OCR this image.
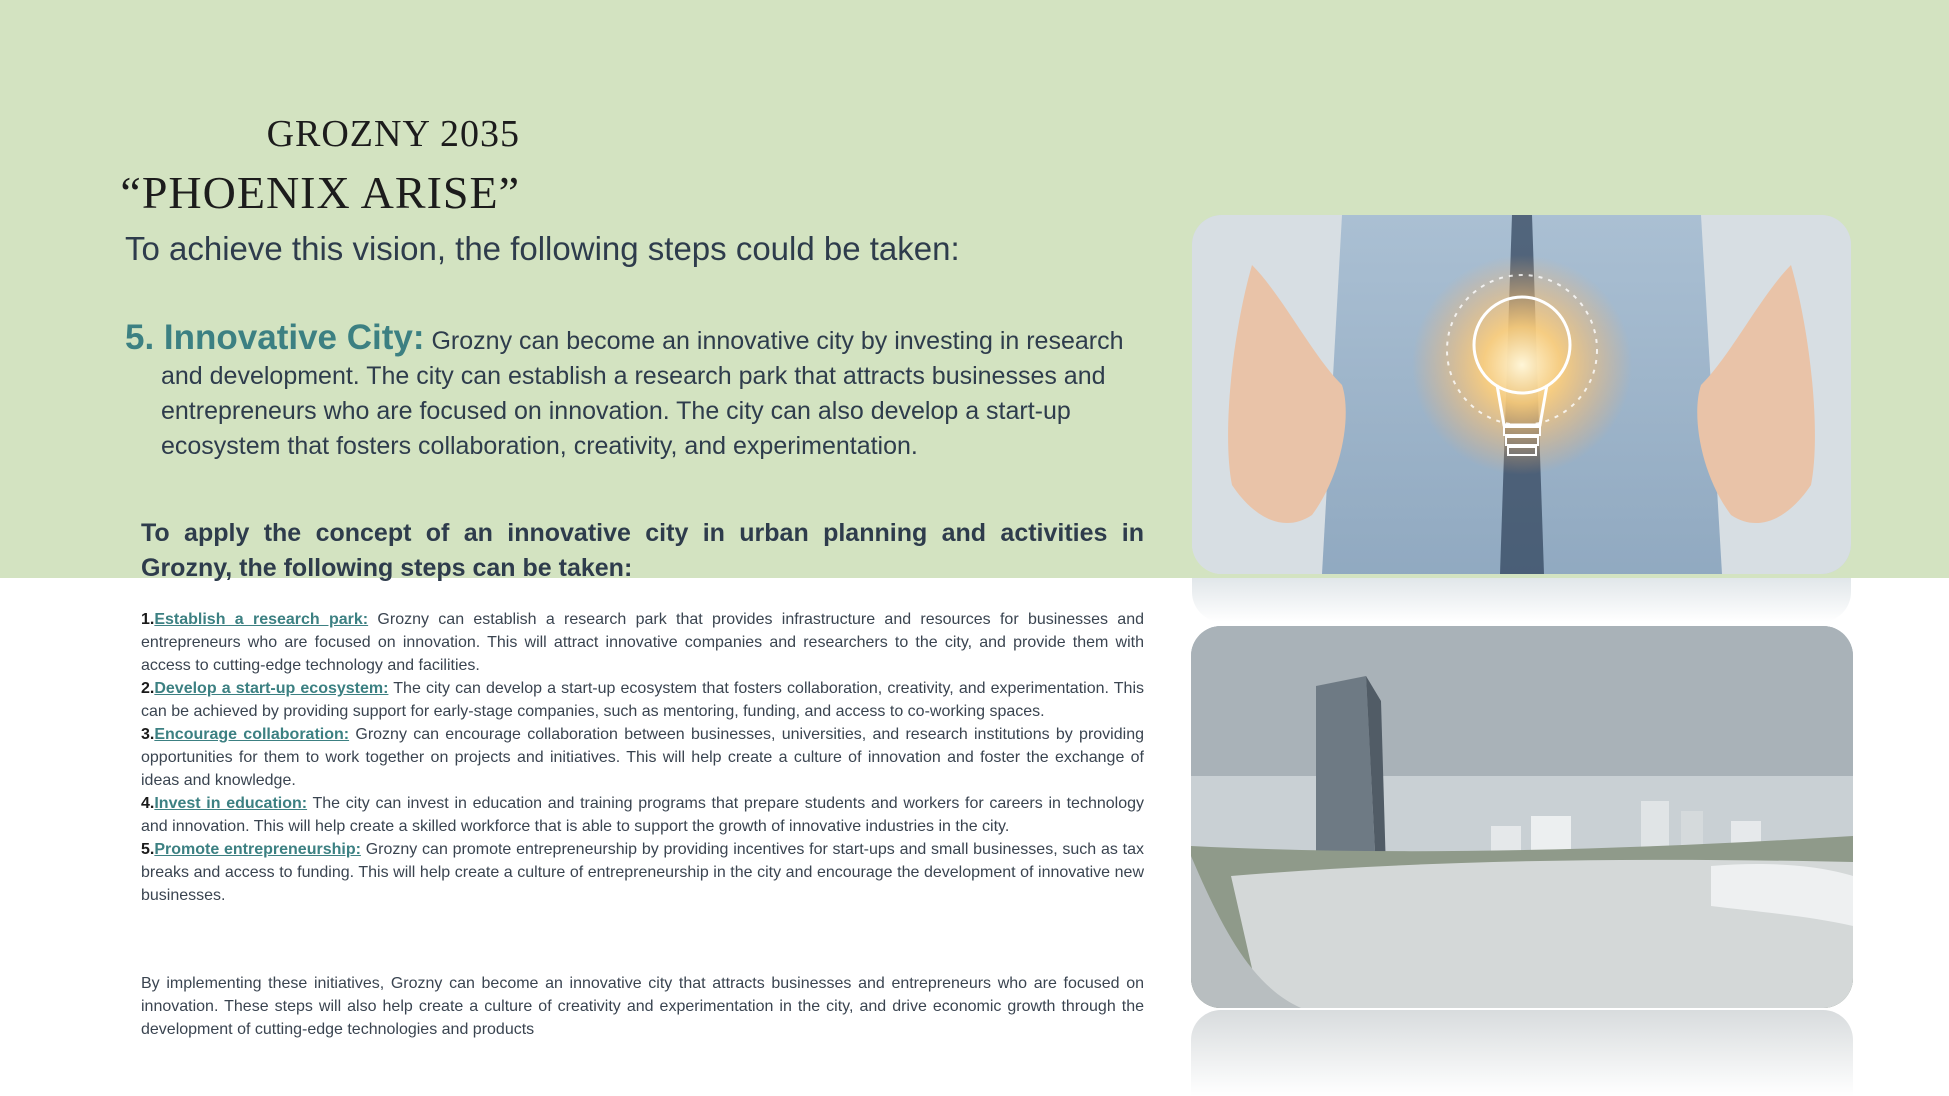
GROZNY 2035
“PHOENIX ARISE”
To achieve this vision, the following steps could be taken:
5. Innovative City: Grozny can become an innovative city by investing in research
and development. The city can establish a research park that attracts businesses and
entrepreneurs who are focused on innovation. The city can also develop a start-up
ecosystem that fosters collaboration, creativity, and experimentation.
To apply the concept of an innovative city in urban planning and activities in Grozny, the following steps can be taken:
1.Establish a research park: Grozny can establish a research park that provides infrastructure and resources for businesses and entrepreneurs who are focused on innovation. This will attract innovative companies and researchers to the city, and provide them with access to cutting-edge technology and facilities.
2.Develop a start-up ecosystem: The city can develop a start-up ecosystem that fosters collaboration, creativity, and experimentation. This can be achieved by providing support for early-stage companies, such as mentoring, funding, and access to co-working spaces.
3.Encourage collaboration: Grozny can encourage collaboration between businesses, universities, and research institutions by providing opportunities for them to work together on projects and initiatives. This will help create a culture of innovation and foster the exchange of ideas and knowledge.
4.Invest in education: The city can invest in education and training programs that prepare students and workers for careers in technology and innovation. This will help create a skilled workforce that is able to support the growth of innovative industries in the city.
5.Promote entrepreneurship: Grozny can promote entrepreneurship by providing incentives for start-ups and small businesses, such as tax breaks and access to funding. This will help create a culture of entrepreneurship in the city and encourage the development of innovative new businesses.
By implementing these initiatives, Grozny can become an innovative city that attracts businesses and entrepreneurs who are focused on innovation. These steps will also help create a culture of creativity and experimentation in the city, and drive economic growth through the development of cutting-edge technologies and products
